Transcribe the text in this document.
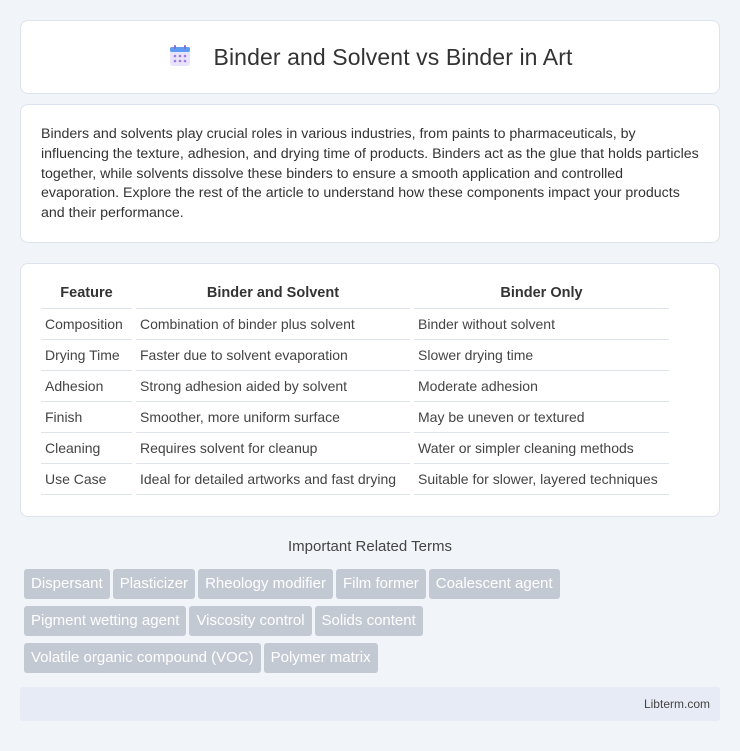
Binder and Solvent vs Binder in Art

Binders and solvents play crucial roles in various industries, from paints to pharmaceuticals, by influencing the texture, adhesion, and drying time of products. Binders act as the glue that holds particles together, while solvents dissolve these binders to ensure a smooth application and controlled evaporation. Explore the rest of the article to understand how these components impact your products and their performance.

Feature	Binder and Solvent	Binder Only
Composition	Combination of binder plus solvent	Binder without solvent
Drying Time	Faster due to solvent evaporation	Slower drying time
Adhesion	Strong adhesion aided by solvent	Moderate adhesion
Finish	Smoother, more uniform surface	May be uneven or textured
Cleaning	Requires solvent for cleanup	Water or simpler cleaning methods
Use Case	Ideal for detailed artworks and fast drying	Suitable for slower, layered techniques
Important Related Terms
Dispersant Plasticizer Rheology modifier Film former Coalescent agent
Pigment wetting agent Viscosity control Solids content
Volatile organic compound (VOC) Polymer matrix
Libterm.com
